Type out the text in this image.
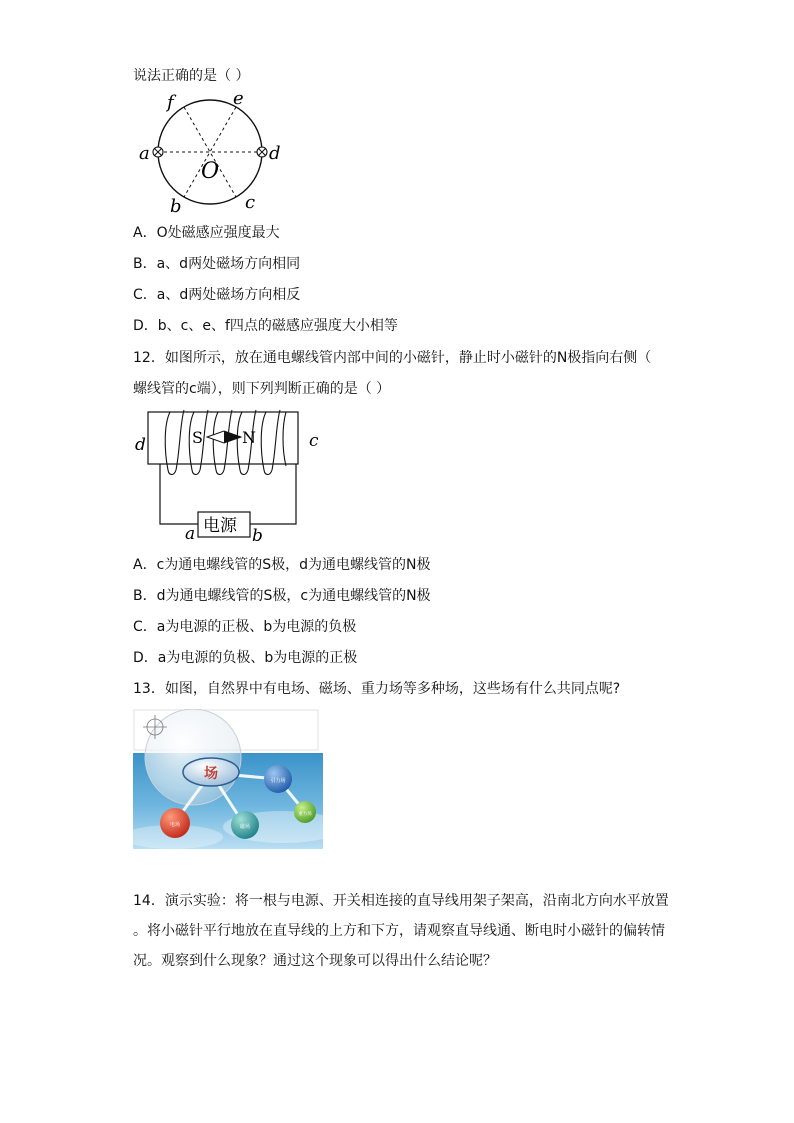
说法正确的是（ ）
a	d
f	e
b	c
O
A．O处磁感应强度最大
B．a、d两处磁场方向相同
C．a、d两处磁场方向相反
D．b、c、e、f四点的磁感应强度大小相等
12．如图所示，放在通电螺线管内部中间的小磁针，静止时小磁针的N极指向右侧（
螺线管的c端），则下列判断正确的是（ ）
S N
d	c
电源
a	b
A．c为通电螺线管的S极，d为通电螺线管的N极
B．d为通电螺线管的S极，c为通电螺线管的N极
C．a为电源的正极、b为电源的负极
D．a为电源的负极、b为电源的正极
13．如图，自然界中有电场、磁场、重力场等多种场，这些场有什么共同点呢?
场	引力场
电场	磁场
重力场
14．演示实验：将一根与电源、开关相连接的直导线用架子架高，沿南北方向水平放置
。将小磁针平行地放在直导线的上方和下方，请观察直导线通、断电时小磁针的偏转情
况。观察到什么现象？通过这个现象可以得出什么结论呢？
